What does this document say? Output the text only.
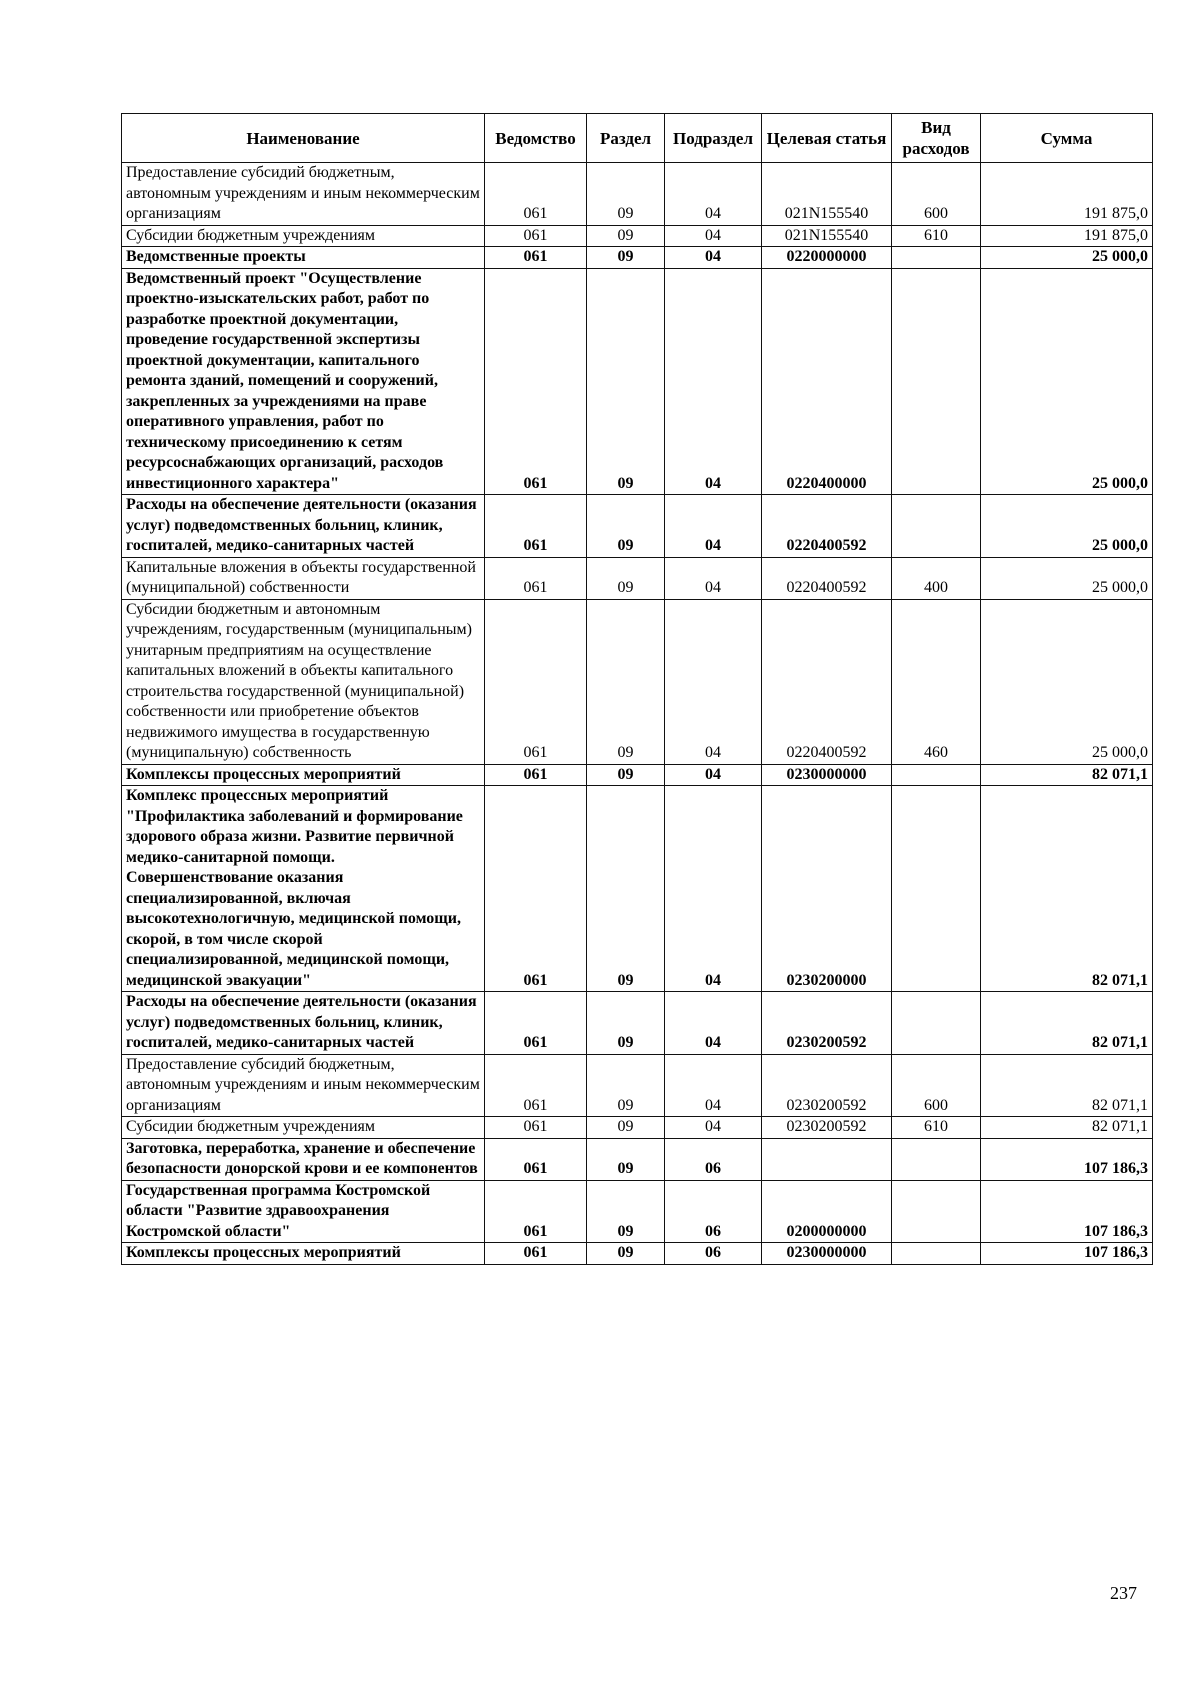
Наименование	Ведомство	Раздел	Подраздел	Целевая статья	Вид расходов	Сумма
Предоставление субсидий бюджетным, автономным учреждениям и иным некоммерческим организациям	061	09	04	021N155540	600	191 875,0
Субсидии бюджетным учреждениям	061	09	04	021N155540	610	191 875,0
Ведомственные проекты	061	09	04	0220000000		25 000,0
Ведомственный проект "Осуществление проектно-изыскательских работ, работ по разработке проектной документации, проведение государственной экспертизы проектной документации, капитального ремонта зданий, помещений и сооружений, закрепленных за учреждениями на праве оперативного управления, работ по техническому присоединению к сетям ресурсоснабжающих организаций, расходов инвестиционного характера"	061	09	04	0220400000		25 000,0
Расходы на обеспечение деятельности (оказания услуг) подведомственных больниц, клиник, госпиталей, медико-санитарных частей	061	09	04	0220400592		25 000,0
Капитальные вложения в объекты государственной (муниципальной) собственности	061	09	04	0220400592	400	25 000,0
Субсидии бюджетным и автономным учреждениям, государственным (муниципальным) унитарным предприятиям на осуществление капитальных вложений в объекты капитального строительства государственной (муниципальной) собственности или приобретение объектов недвижимого имущества в государственную (муниципальную) собственность	061	09	04	0220400592	460	25 000,0
Комплексы процессных мероприятий	061	09	04	0230000000		82 071,1
Комплекс процессных мероприятий "Профилактика заболеваний и формирование здорового образа жизни. Развитие первичной медико-санитарной помощи. Совершенствование оказания специализированной, включая высокотехнологичную, медицинской помощи, скорой, в том числе скорой специализированной, медицинской помощи, медицинской эвакуации"	061	09	04	0230200000		82 071,1
Расходы на обеспечение деятельности (оказания услуг) подведомственных больниц, клиник, госпиталей, медико-санитарных частей	061	09	04	0230200592		82 071,1
Предоставление субсидий бюджетным, автономным учреждениям и иным некоммерческим организациям	061	09	04	0230200592	600	82 071,1
Субсидии бюджетным учреждениям	061	09	04	0230200592	610	82 071,1
Заготовка, переработка, хранение и обеспечение безопасности донорской крови и ее компонентов	061	09	06			107 186,3
Государственная программа Костромской области "Развитие здравоохранения Костромской области"	061	09	06	0200000000		107 186,3
Комплексы процессных мероприятий	061	09	06	0230000000		107 186,3
237
